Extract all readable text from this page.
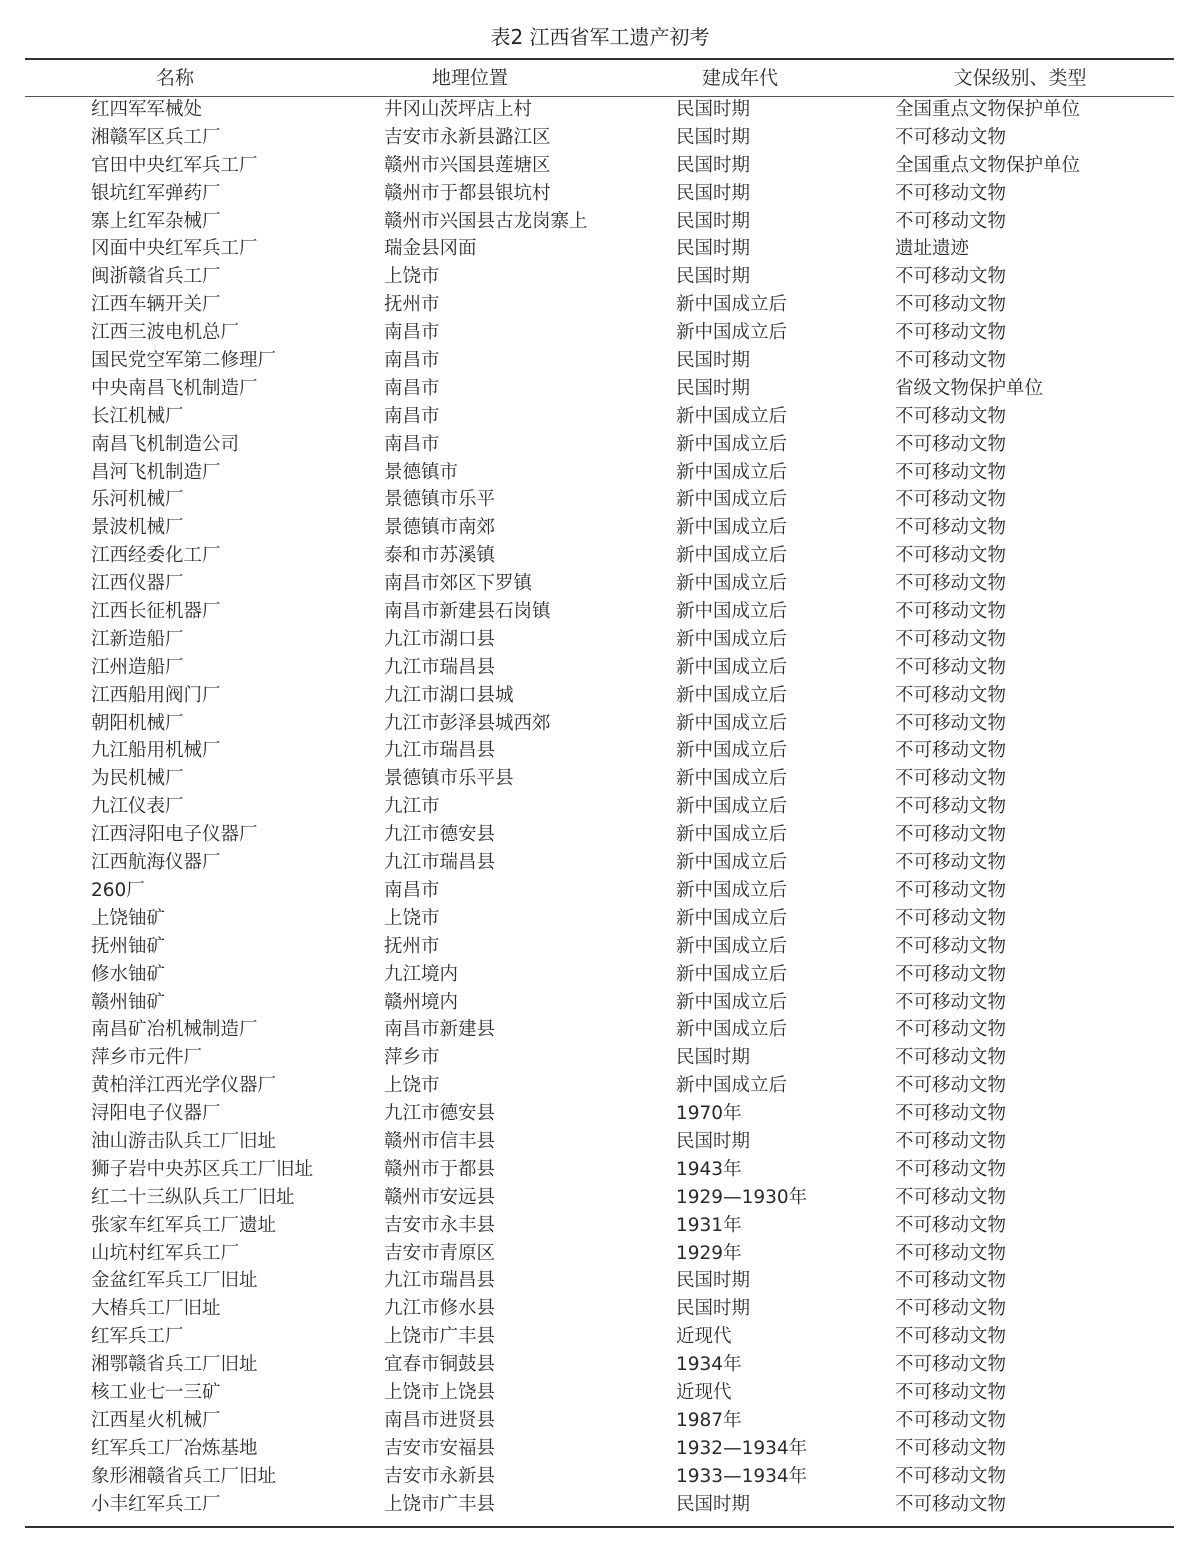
表2 江西省军工遗产初考
名称	地理位置	建成年代	文保级别、类型
红四军军械处	井冈山茨坪店上村	民国时期	全国重点文物保护单位
湘赣军区兵工厂	吉安市永新县潞江区	民国时期	不可移动文物
官田中央红军兵工厂	赣州市兴国县莲塘区	民国时期	全国重点文物保护单位
银坑红军弹药厂	赣州市于都县银坑村	民国时期	不可移动文物
寨上红军杂械厂	赣州市兴国县古龙岗寨上	民国时期	不可移动文物
冈面中央红军兵工厂	瑞金县冈面	民国时期	遗址遗迹
闽浙赣省兵工厂	上饶市	民国时期	不可移动文物
江西车辆开关厂	抚州市	新中国成立后	不可移动文物
江西三波电机总厂	南昌市	新中国成立后	不可移动文物
国民党空军第二修理厂	南昌市	民国时期	不可移动文物
中央南昌飞机制造厂	南昌市	民国时期	省级文物保护单位
长江机械厂	南昌市	新中国成立后	不可移动文物
南昌飞机制造公司	南昌市	新中国成立后	不可移动文物
昌河飞机制造厂	景德镇市	新中国成立后	不可移动文物
乐河机械厂	景德镇市乐平	新中国成立后	不可移动文物
景波机械厂	景德镇市南郊	新中国成立后	不可移动文物
江西经委化工厂	泰和市苏溪镇	新中国成立后	不可移动文物
江西仪器厂	南昌市郊区下罗镇	新中国成立后	不可移动文物
江西长征机器厂	南昌市新建县石岗镇	新中国成立后	不可移动文物
江新造船厂	九江市湖口县	新中国成立后	不可移动文物
江州造船厂	九江市瑞昌县	新中国成立后	不可移动文物
江西船用阀门厂	九江市湖口县城	新中国成立后	不可移动文物
朝阳机械厂	九江市彭泽县城西郊	新中国成立后	不可移动文物
九江船用机械厂	九江市瑞昌县	新中国成立后	不可移动文物
为民机械厂	景德镇市乐平县	新中国成立后	不可移动文物
九江仪表厂	九江市	新中国成立后	不可移动文物
江西浔阳电子仪器厂	九江市德安县	新中国成立后	不可移动文物
江西航海仪器厂	九江市瑞昌县	新中国成立后	不可移动文物
260厂	南昌市	新中国成立后	不可移动文物
上饶铀矿	上饶市	新中国成立后	不可移动文物
抚州铀矿	抚州市	新中国成立后	不可移动文物
修水铀矿	九江境内	新中国成立后	不可移动文物
赣州铀矿	赣州境内	新中国成立后	不可移动文物
南昌矿冶机械制造厂	南昌市新建县	新中国成立后	不可移动文物
萍乡市元件厂	萍乡市	民国时期	不可移动文物
黄柏洋江西光学仪器厂	上饶市	新中国成立后	不可移动文物
浔阳电子仪器厂	九江市德安县	1970年	不可移动文物
油山游击队兵工厂旧址	赣州市信丰县	民国时期	不可移动文物
狮子岩中央苏区兵工厂旧址	赣州市于都县	1943年	不可移动文物
红二十三纵队兵工厂旧址	赣州市安远县	1929—1930年	不可移动文物
张家车红军兵工厂遗址	吉安市永丰县	1931年	不可移动文物
山坑村红军兵工厂	吉安市青原区	1929年	不可移动文物
金盆红军兵工厂旧址	九江市瑞昌县	民国时期	不可移动文物
大椿兵工厂旧址	九江市修水县	民国时期	不可移动文物
红军兵工厂	上饶市广丰县	近现代	不可移动文物
湘鄂赣省兵工厂旧址	宜春市铜鼓县	1934年	不可移动文物
核工业七一三矿	上饶市上饶县	近现代	不可移动文物
江西星火机械厂	南昌市进贤县	1987年	不可移动文物
红军兵工厂冶炼基地	吉安市安福县	1932—1934年	不可移动文物
象形湘赣省兵工厂旧址	吉安市永新县	1933—1934年	不可移动文物
小丰红军兵工厂	上饶市广丰县	民国时期	不可移动文物
